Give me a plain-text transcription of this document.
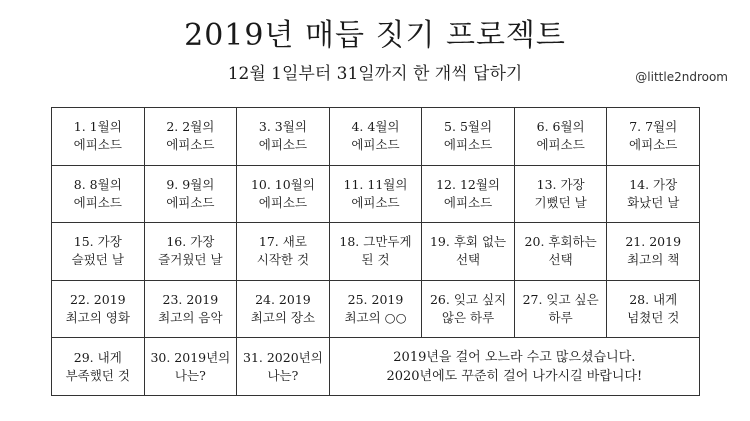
2019년 매듭 짓기 프로젝트
12월 1일부터 31일까지 한 개씩 답하기	@little2ndroom
1. 1월의
에피소드
2. 2월의
에피소드
3. 3월의
에피소드
4. 4월의
에피소드
5. 5월의
에피소드
6. 6월의
에피소드
7. 7월의
에피소드
8. 8월의
에피소드
9. 9월의
에피소드
10. 10월의
에피소드
11. 11월의
에피소드
12. 12월의
에피소드
13. 가장
기뻤던 날
14. 가장
화났던 날
15. 가장
슬펐던 날
16. 가장
즐거웠던 날
17. 새로
시작한 것
18. 그만두게
된 것
19. 후회 없는
선택
20. 후회하는
선택
21. 2019
최고의 책
22. 2019
최고의 영화
23. 2019
최고의 음악
24. 2019
최고의 장소
25. 2019
최고의 ○○
26. 잊고 싶지
않은 하루
27. 잊고 싶은
하루
28. 내게
넘쳤던 것
29. 내게
부족했던 것
30. 2019년의
나는?
31. 2020년의
나는?
2019년을 걸어 오느라 수고 많으셨습니다.
2020년에도 꾸준히 걸어 나가시길 바랍니다!
